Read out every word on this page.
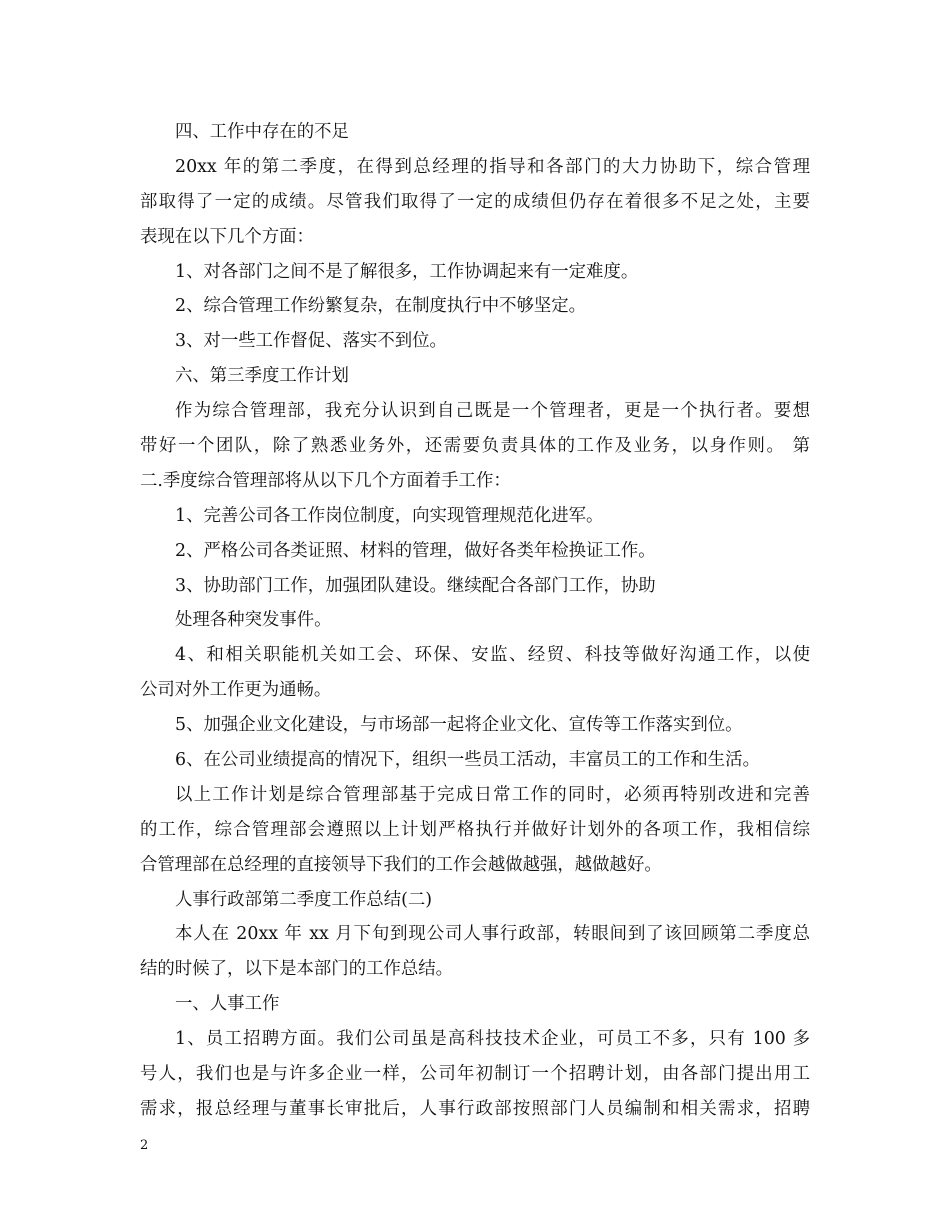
四、工作中存在的不足
20xx 年的第二季度，在得到总经理的指导和各部门的大力协助下，综合管理
部取得了一定的成绩。尽管我们取得了一定的成绩但仍存在着很多不足之处，主要
表现在以下几个方面：
1、对各部门之间不是了解很多，工作协调起来有一定难度。
2、综合管理工作纷繁复杂，在制度执行中不够坚定。
3、对一些工作督促、落实不到位。
六、第三季度工作计划
作为综合管理部，我充分认识到自己既是一个管理者，更是一个执行者。要想
带好一个团队，除了熟悉业务外，还需要负责具体的工作及业务，以身作则。 第
二.季度综合管理部将从以下几个方面着手工作：
1、完善公司各工作岗位制度，向实现管理规范化进军。
2、严格公司各类证照、材料的管理，做好各类年检换证工作。
3、协助部门工作，加强团队建设。继续配合各部门工作，协助
处理各种突发事件。
4、和相关职能机关如工会、环保、安监、经贸、科技等做好沟通工作，以使
公司对外工作更为通畅。
5、加强企业文化建设，与市场部一起将企业文化、宣传等工作落实到位。
6、在公司业绩提高的情况下，组织一些员工活动，丰富员工的工作和生活。
以上工作计划是综合管理部基于完成日常工作的同时，必须再特别改进和完善
的工作，综合管理部会遵照以上计划严格执行并做好计划外的各项工作，我相信综
合管理部在总经理的直接领导下我们的工作会越做越强，越做越好。
人事行政部第二季度工作总结(二)
本人在 20xx 年 xx 月下旬到现公司人事行政部，转眼间到了该回顾第二季度总
结的时候了，以下是本部门的工作总结。
一、人事工作
1、员工招聘方面。我们公司虽是高科技技术企业，可员工不多，只有 100 多
号人，我们也是与许多企业一样，公司年初制订一个招聘计划，由各部门提出用工
需求，报总经理与董事长审批后，人事行政部按照部门人员编制和相关需求，招聘
2
